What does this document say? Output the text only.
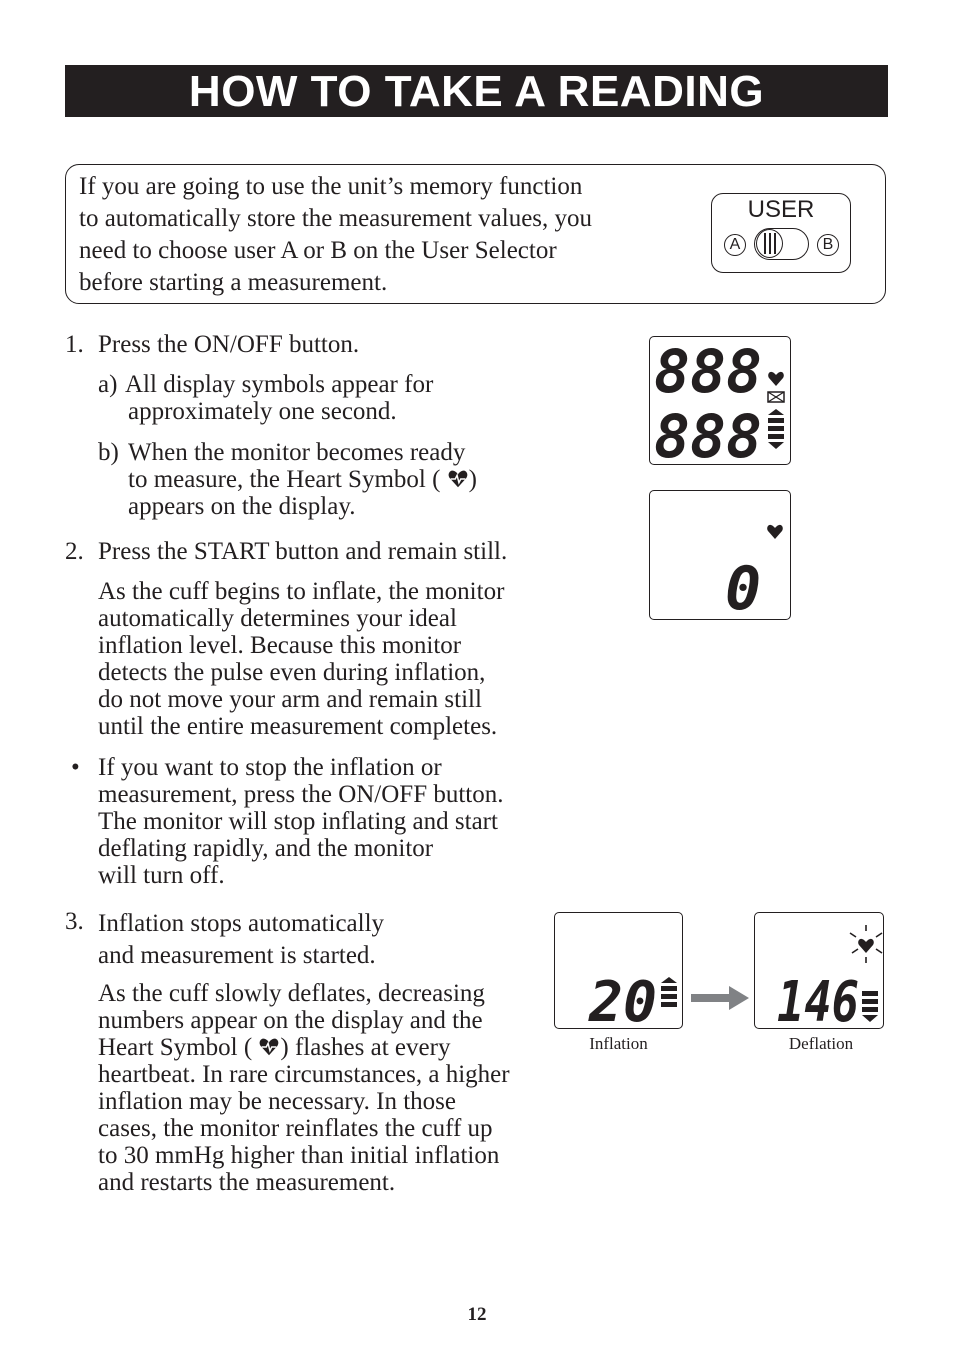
HOW TO TAKE A READING
If you are going to use the unit’s memory function
to automatically store the measurement values, you
need to choose user A or B on the User Selector
before starting a measurement.
USER
A	B
1. Press the ON/OFF button.
a) All display symbols appear for
approximately one second.
b) When the monitor becomes ready
to measure, the Heart Symbol ( )
appears on the display.
2. Press the START button and remain still.
As the cuff begins to inflate, the monitor
automatically determines your ideal
inflation level. Because this monitor
detects the pulse even during inflation,
do not move your arm and remain still
until the entire measurement completes.
• If you want to stop the inflation or
measurement, press the ON/OFF button.
The monitor will stop inflating and start
deflating rapidly, and the monitor
will turn off.
3. Inflation stops automatically
and measurement is started.
As the cuff slowly deflates, decreasing
numbers appear on the display and the
Heart Symbol ( ) flashes at every
heartbeat. In rare circumstances, a higher
inflation may be necessary. In those
cases, the monitor reinflates the cuff up
to 30 mmHg higher than initial inflation
and restarts the measurement.
888
888
0
20
Inflation
146
Deflation
12
